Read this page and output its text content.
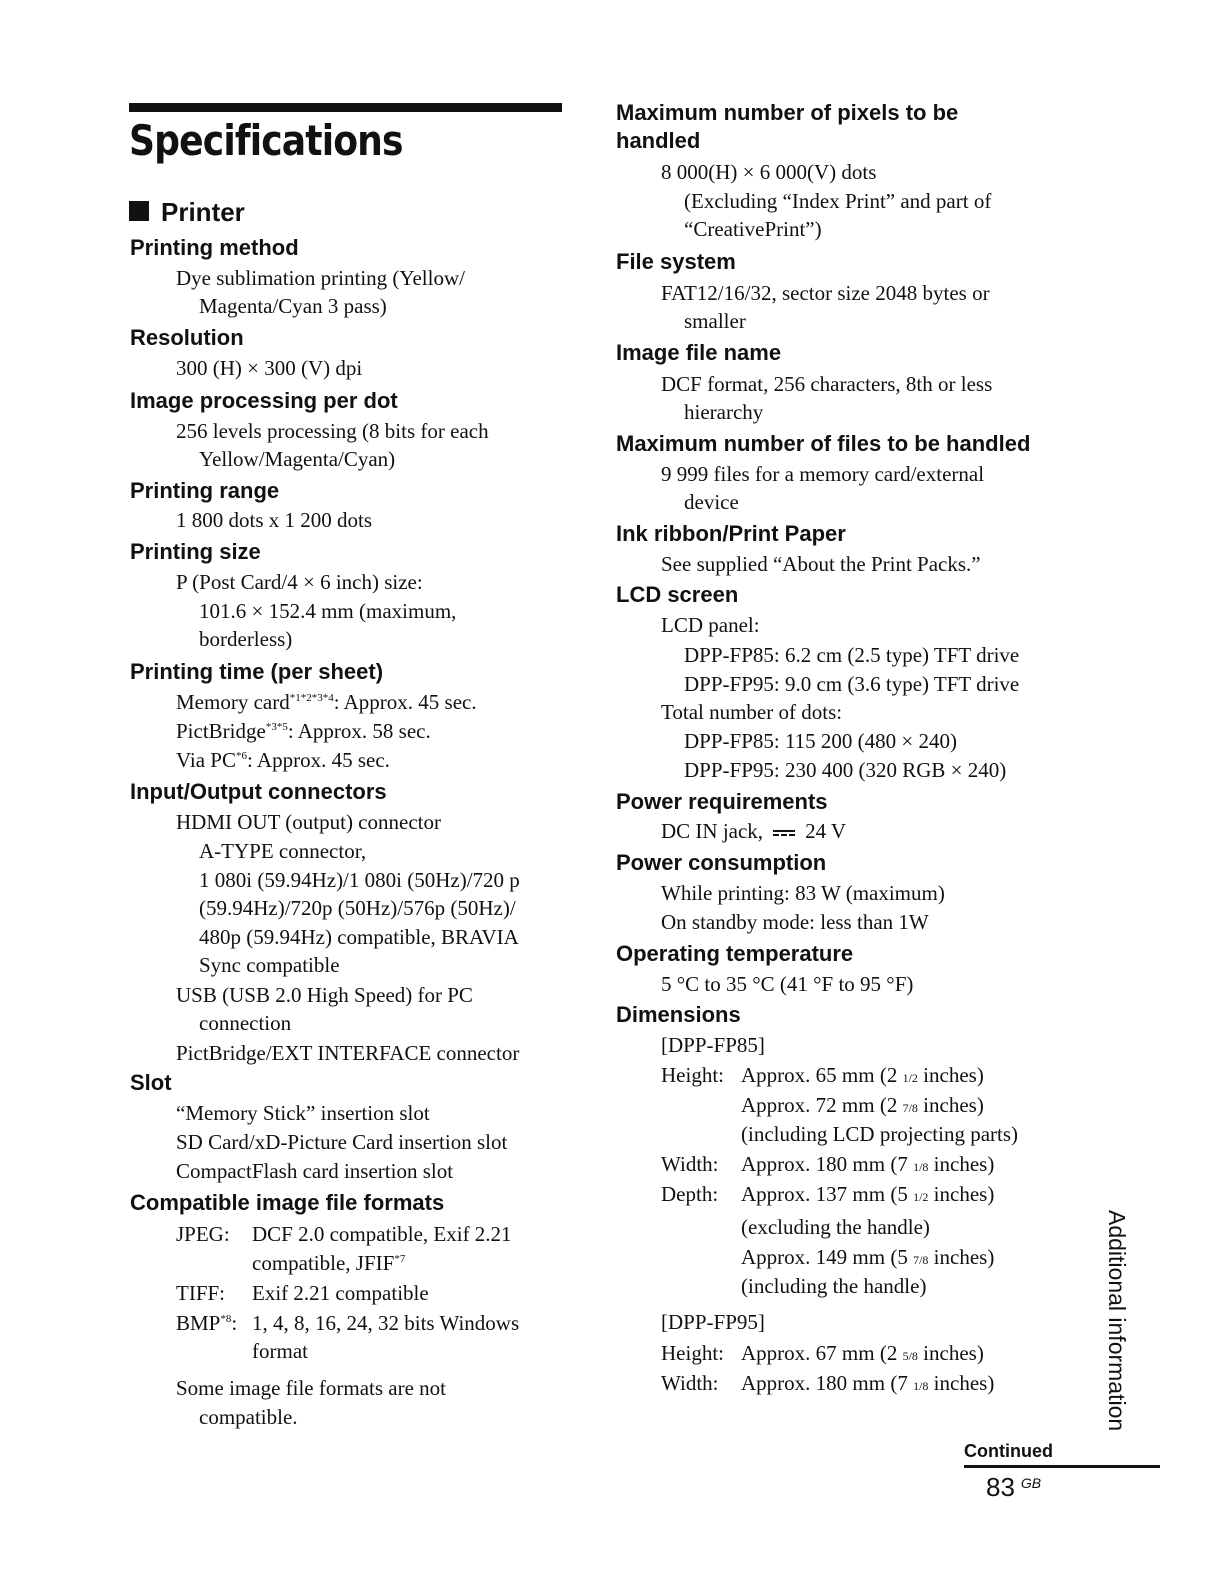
Specifications
Printer
Printing method
Dye sublimation printing (Yellow/
Magenta/Cyan 3 pass)
Resolution
300 (H) × 300 (V) dpi
Image processing per dot
256 levels processing (8 bits for each
Yellow/Magenta/Cyan)
Printing range
1 800 dots x 1 200 dots
Printing size
P (Post Card/4 × 6 inch) size:
101.6 × 152.4 mm (maximum,
borderless)
Printing time (per sheet)
Memory card$^{*1*2*3*4}$: Approx. 45 sec.
PictBridge$^{*3*5}$: Approx. 58 sec.
Via PC$^{*6}$: Approx. 45 sec.
Input/Output connectors
HDMI OUT (output) connector
A-TYPE connector,
1 080i (59.94Hz)/1 080i (50Hz)/720 p
(59.94Hz)/720p (50Hz)/576p (50Hz)/
480p (59.94Hz) compatible, BRAVIA
Sync compatible
USB (USB 2.0 High Speed) for PC
connection
PictBridge/EXT INTERFACE connector
Slot
“Memory Stick” insertion slot
SD Card/xD-Picture Card insertion slot
CompactFlash card insertion slot
Compatible image file formats
JPEG: DCF 2.0 compatible, Exif 2.21
compatible, JFIF$^{*7}$
TIFF: Exif 2.21 compatible
BMP$^{*8}$: 1, 4, 8, 16, 24, 32 bits Windows
format
Some image file formats are not
compatible.
Maximum number of pixels to be
handled
8 000(H) × 6 000(V) dots
(Excluding “Index Print” and part of
“CreativePrint”)
File system
FAT12/16/32, sector size 2048 bytes or
smaller
Image file name
DCF format, 256 characters, 8th or less
hierarchy
Maximum number of files to be handled
9 999 files for a memory card/external
device
Ink ribbon/Print Paper
See supplied “About the Print Packs.”
LCD screen
LCD panel:
DPP-FP85: 6.2 cm (2.5 type) TFT drive
DPP-FP95: 9.0 cm (3.6 type) TFT drive
Total number of dots:
DPP-FP85: 115 200 (480 × 240)
DPP-FP95: 230 400 (320 RGB × 240)
Power requirements
DC IN jack, 24 V
Power consumption
While printing: 83 W (maximum)
On standby mode: less than 1W
Operating temperature
5 °C to 35 °C (41 °F to 95 °F)
Dimensions
[DPP-FP85]
Height: Approx. 65 mm (2 1/2 inches)
Approx. 72 mm (2 7/8 inches)
(including LCD projecting parts)
Width: Approx. 180 mm (7 1/8 inches)
Depth: Approx. 137 mm (5 1/2 inches)
(excluding the handle)
Approx. 149 mm (5 7/8 inches)
(including the handle)
[DPP-FP95]
Height: Approx. 67 mm (2 5/8 inches)
Width: Approx. 180 mm (7 1/8 inches)	Additional information
Continued
83 $^{GB}$
